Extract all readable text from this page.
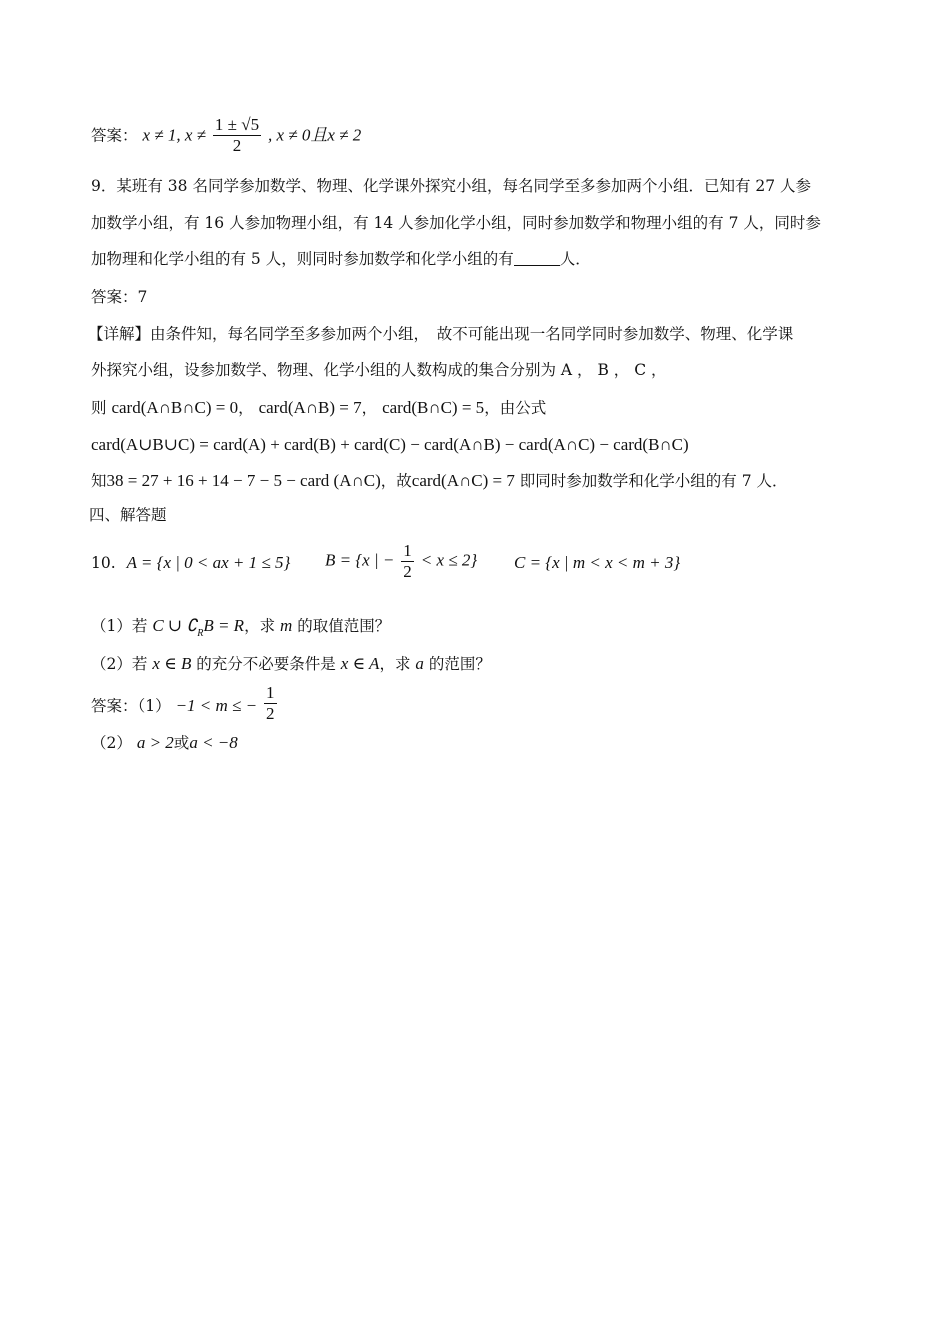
答案： x ≠ 1, $x \ne \frac{1 \pm √5}{2}$ , x ≠ 0且x ≠ 2
9．某班有 38 名同学参加数学、物理、化学课外探究小组，每名同学至多参加两个小组．已知有 27 人参
加数学小组，有 16 人参加物理小组，有 14 人参加化学小组，同时参加数学和物理小组的有 7 人，同时参
加物理和化学小组的有 5 人，则同时参加数学和化学小组的有	人．
答案：7
【详解】由条件知，每名同学至多参加两个小组，　故不可能出现一名同学同时参加数学、物理、化学课
外探究小组，设参加数学、物理、化学小组的人数构成的集合分别为 A ， B ， C ，
则 card(A∩B∩C) = 0， card(A∩B) = 7， card(B∩C) = 5，由公式
card(A∪B∪C) = card(A) + card(B) + card(C) − card(A∩B) − card(A∩C) − card(B∩C)
知38 = 27 + 16 + 14 − 7 − 5 − card (A∩C)，故card(A∩C) = 7 即同时参加数学和化学小组的有 7 人．
四、解答题
10. A = {x | 0 < ax + 1 ≤ 5} B = {x | − $\frac{1}{2} < x \le 2$} C = {x | m < x < m + 3}
（1）若 C ∪ $∁_RB = R$，求 m 的取值范围？
（2）若 x ∈ B 的充分不必要条件是 x ∈ A，求 a 的范围？
答案：（1） −1 < m ≤ − $\frac{1}{2}$
（2） a > 2或a < −8
